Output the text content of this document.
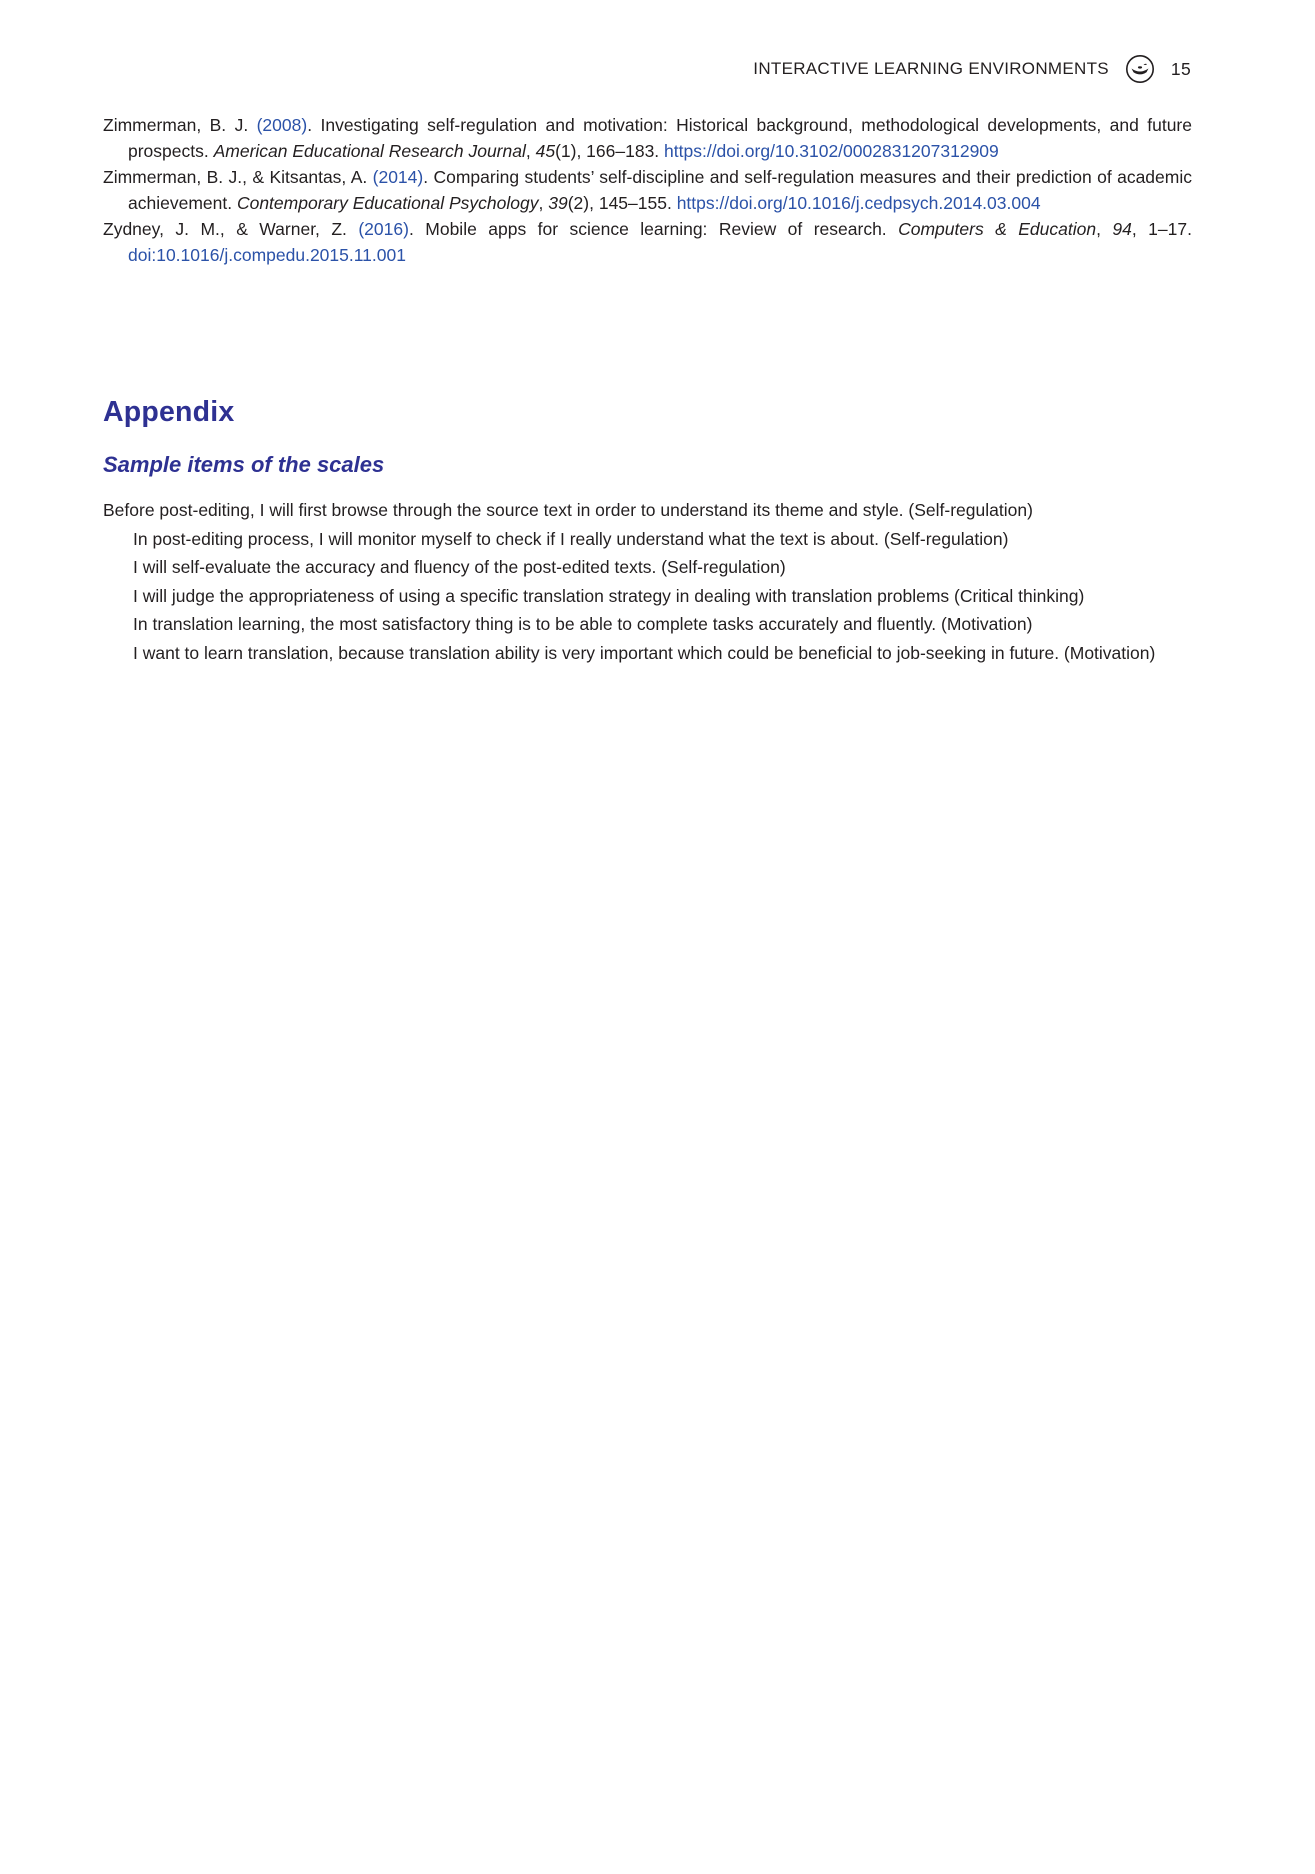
INTERACTIVE LEARNING ENVIRONMENTS	15

Zimmerman, B. J. (2008). Investigating self-regulation and motivation: Historical background, methodological developments, and future prospects. American Educational Research Journal, 45(1), 166–183. https://doi.org/10.3102/0002831207312909

Zimmerman, B. J., & Kitsantas, A. (2014). Comparing students’ self-discipline and self-regulation measures and their prediction of academic achievement. Contemporary Educational Psychology, 39(2), 145–155. https://doi.org/10.1016/j.cedpsych.2014.03.004

Zydney, J. M., & Warner, Z. (2016). Mobile apps for science learning: Review of research. Computers & Education, 94, 1–17. doi:10.1016/j.compedu.2015.11.001

Appendix
Sample items of the scales

Before post-editing, I will first browse through the source text in order to understand its theme and style. (Self-regulation)

In post-editing process, I will monitor myself to check if I really understand what the text is about. (Self-regulation)

I will self-evaluate the accuracy and fluency of the post-edited texts. (Self-regulation)

I will judge the appropriateness of using a specific translation strategy in dealing with translation problems (Critical thinking)

In translation learning, the most satisfactory thing is to be able to complete tasks accurately and fluently. (Motivation)

I want to learn translation, because translation ability is very important which could be beneficial to job-seeking in future. (Motivation)
